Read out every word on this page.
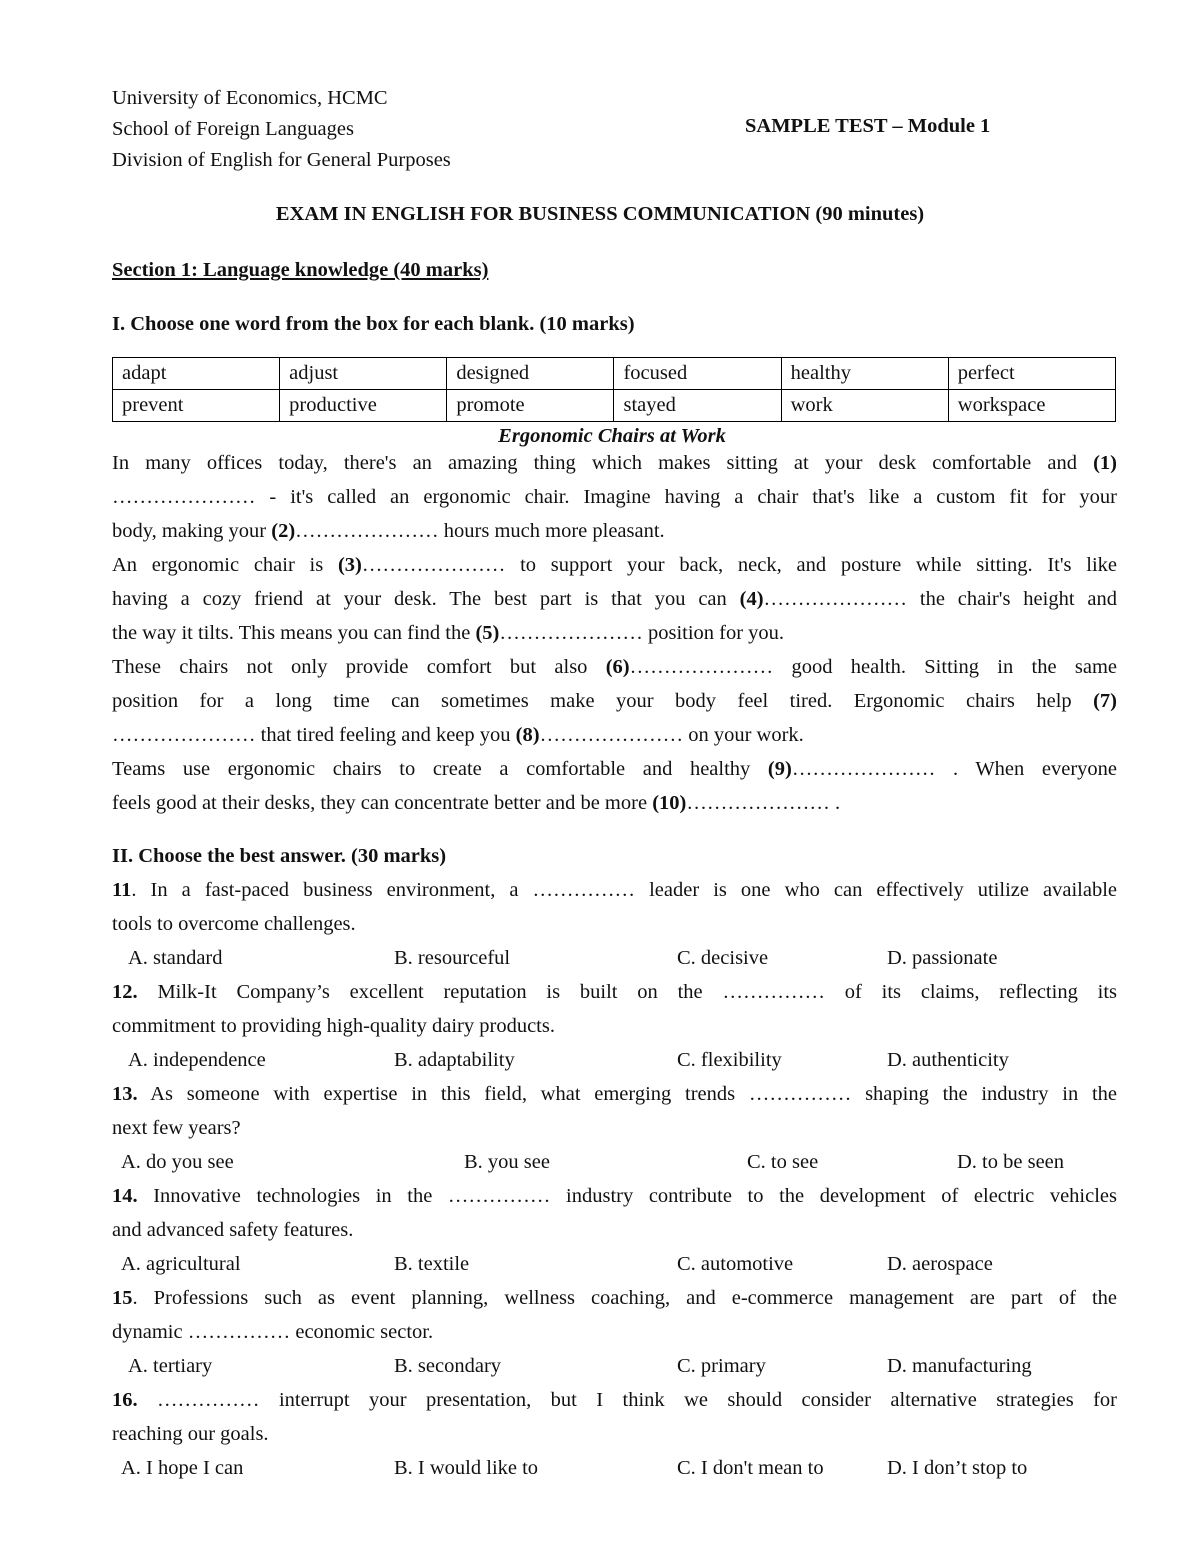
University of Economics, HCMC
School of Foreign Languages
Division of English for General Purposes
SAMPLE TEST – Module 1
EXAM IN ENGLISH FOR BUSINESS COMMUNICATION (90 minutes)
Section 1: Language knowledge (40 marks)
I. Choose one word from the box for each blank. (10 marks)
adapt	adjust	designed	focused	healthy	perfect
prevent	productive	promote	stayed	work	workspace
Ergonomic Chairs at Work
In many offices today, there's an amazing thing which makes sitting at your desk comfortable and (1)
………………… - it's called an ergonomic chair. Imagine having a chair that's like a custom fit for your
body, making your (2)………………… hours much more pleasant.
An ergonomic chair is (3)………………… to support your back, neck, and posture while sitting. It's like
having a cozy friend at your desk. The best part is that you can (4)………………… the chair's height and
the way it tilts. This means you can find the (5)………………… position for you.
These chairs not only provide comfort but also (6)………………… good health. Sitting in the same
position for a long time can sometimes make your body feel tired. Ergonomic chairs help (7)
………………… that tired feeling and keep you (8)………………… on your work.
Teams use ergonomic chairs to create a comfortable and healthy (9)………………… . When everyone
feels good at their desks, they can concentrate better and be more (10)………………… .
II. Choose the best answer. (30 marks)
11. In a fast-paced business environment, a …………… leader is one who can effectively utilize available
tools to overcome challenges.
A. standard	B. resourceful	C. decisive	D. passionate
12. Milk-It Company’s excellent reputation is built on the …………… of its claims, reflecting its
commitment to providing high-quality dairy products.
A. independence	B. adaptability	C. flexibility	D. authenticity
13. As someone with expertise in this field, what emerging trends …………… shaping the industry in the
next few years?
A. do you see	B. you see	C. to see	D. to be seen
14. Innovative technologies in the …………… industry contribute to the development of electric vehicles
and advanced safety features.
A. agricultural	B. textile	C. automotive	D. aerospace
15. Professions such as event planning, wellness coaching, and e-commerce management are part of the
dynamic …………… economic sector.
A. tertiary	B. secondary	C. primary	D. manufacturing
16. …………… interrupt your presentation, but I think we should consider alternative strategies for
reaching our goals.
A. I hope I can	B. I would like to	C. I don't mean to	D. I don’t stop to
